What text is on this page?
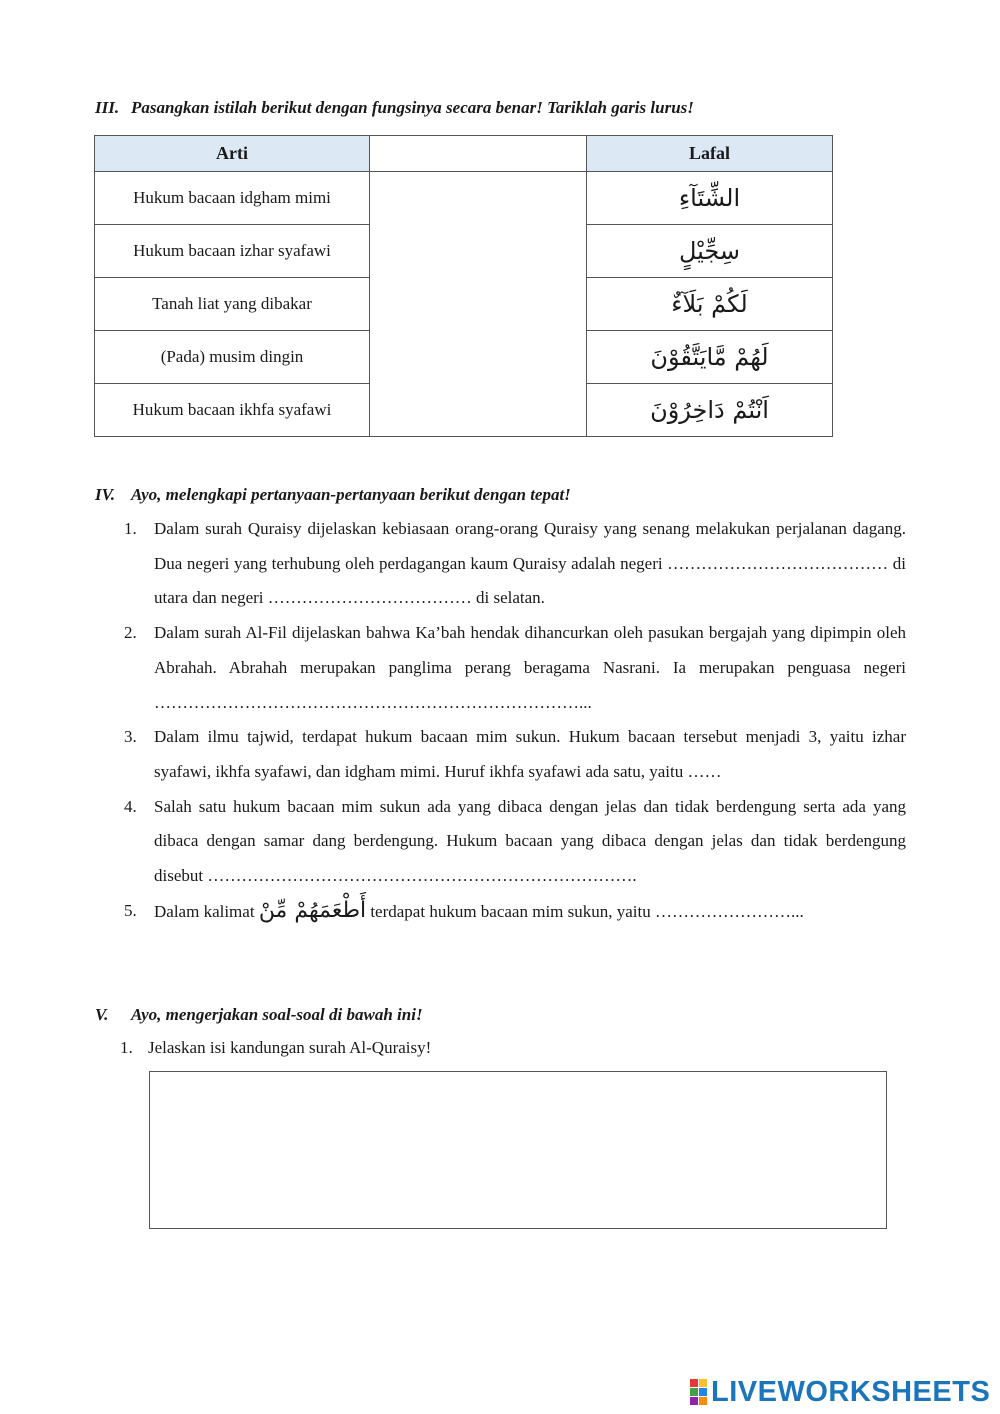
III. Pasangkan istilah berikut dengan fungsinya secara benar! Tariklah garis lurus!
Arti		Lafal
Hukum bacaan idgham mimi		الشِّتَآءِ
Hukum bacaan izhar syafawi		سِجِّيْلٍ
Tanah liat yang dibakar		لَكُمْ بَلَآءٌ
(Pada) musim dingin		لَهُمْ مَّايَتَّقُوْنَ
Hukum bacaan ikhfa syafawi		اَنْتُمْ دَاخِرُوْنَ
IV. Ayo, melengkapi pertanyaan-pertanyaan berikut dengan tepat!
1. Dalam surah Quraisy dijelaskan kebiasaan orang-orang Quraisy yang senang melakukan perjalanan dagang. Dua negeri yang terhubung oleh perdagangan kaum Quraisy adalah negeri ………………………………… di utara dan negeri ……………………………… di selatan.
2. Dalam surah Al-Fil dijelaskan bahwa Ka’bah hendak dihancurkan oleh pasukan bergajah yang dipimpin oleh Abrahah. Abrahah merupakan panglima perang beragama Nasrani. Ia merupakan penguasa negeri …………………………………………………………………...
3. Dalam ilmu tajwid, terdapat hukum bacaan mim sukun. Hukum bacaan tersebut menjadi 3, yaitu izhar syafawi, ikhfa syafawi, dan idgham mimi. Huruf ikhfa syafawi ada satu, yaitu ……
4. Salah satu hukum bacaan mim sukun ada yang dibaca dengan jelas dan tidak berdengung serta ada yang dibaca dengan samar dang berdengung. Hukum bacaan yang dibaca dengan jelas dan tidak berdengung disebut ………………………………………………………………….
5. Dalam kalimat أَطْعَمَهُمْ مِّنْ terdapat hukum bacaan mim sukun, yaitu ……………………...
V. Ayo, mengerjakan soal-soal di bawah ini!
1. Jelaskan isi kandungan surah Al-Quraisy!
LIVEWORKSHEETS
